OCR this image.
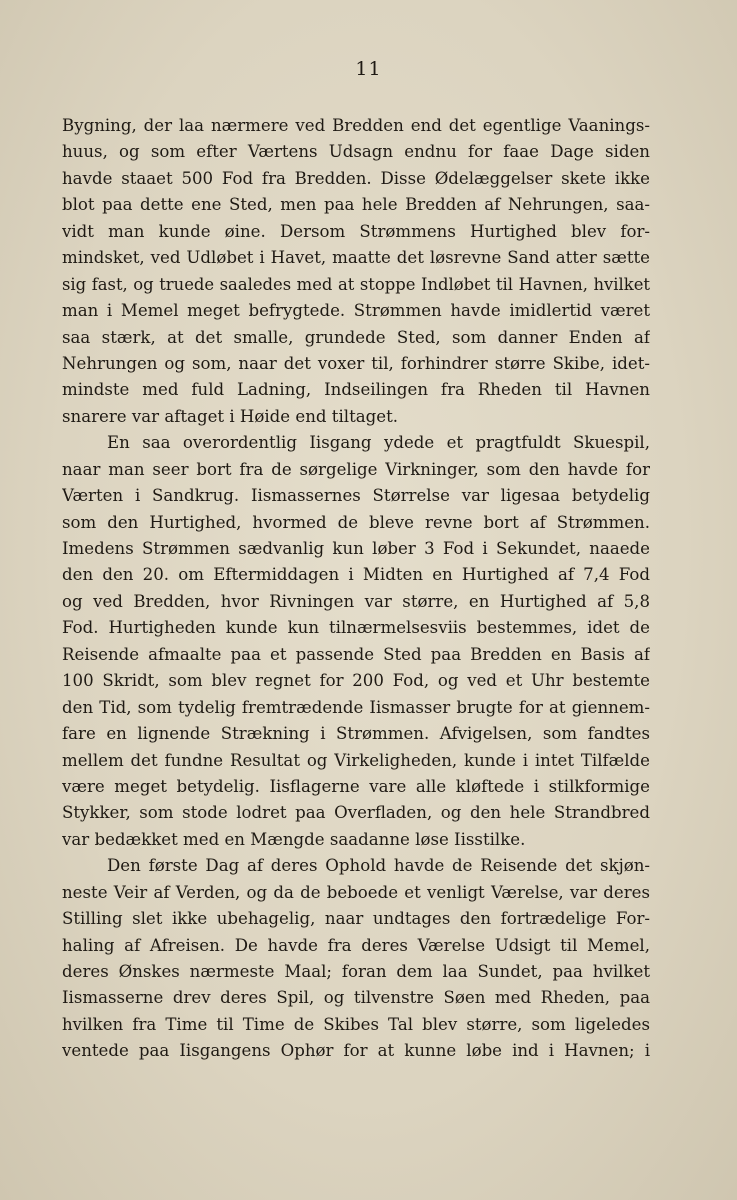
11
Bygning, der laa nærmere ved Bredden end det egentlige Vaanings-
huus, og som efter Værtens Udsagn endnu for faae Dage siden
havde staaet 500 Fod fra Bredden. Disse Ødelæggelser skete ikke
blot paa dette ene Sted, men paa hele Bredden af Nehrungen, saa-
vidt man kunde øine. Dersom Strømmens Hurtighed blev for-
mindsket, ved Udløbet i Havet, maatte det løsrevne Sand atter sætte
sig fast, og truede saaledes med at stoppe Indløbet til Havnen, hvilket
man i Memel meget befrygtede. Strømmen havde imidlertid været
saa stærk, at det smalle, grundede Sted, som danner Enden af
Nehrungen og som, naar det voxer til, forhindrer større Skibe, idet-
mindste med fuld Ladning, Indseilingen fra Rheden til Havnen
snarere var aftaget i Høide end tiltaget.
En saa overordentlig Iisgang ydede et pragtfuldt Skuespil,
naar man seer bort fra de sørgelige Virkninger, som den havde for
Værten i Sandkrug. Iismassernes Størrelse var ligesaa betydelig
som den Hurtighed, hvormed de bleve revne bort af Strømmen.
Imedens Strømmen sædvanlig kun løber 3 Fod i Sekundet, naaede
den den 20. om Eftermiddagen i Midten en Hurtighed af 7,4 Fod
og ved Bredden, hvor Rivningen var større, en Hurtighed af 5,8
Fod. Hurtigheden kunde kun tilnærmelsesviis bestemmes, idet de
Reisende afmaalte paa et passende Sted paa Bredden en Basis af
100 Skridt, som blev regnet for 200 Fod, og ved et Uhr bestemte
den Tid, som tydelig fremtrædende Iismasser brugte for at giennem-
fare en lignende Strækning i Strømmen. Afvigelsen, som fandtes
mellem det fundne Resultat og Virkeligheden, kunde i intet Tilfælde
være meget betydelig. Iisflagerne vare alle kløftede i stilkformige
Stykker, som stode lodret paa Overfladen, og den hele Strandbred
var bedækket med en Mængde saadanne løse Iisstilke.
Den første Dag af deres Ophold havde de Reisende det skjøn-
neste Veir af Verden, og da de beboede et venligt Værelse, var deres
Stilling slet ikke ubehagelig, naar undtages den fortrædelige For-
haling af Afreisen. De havde fra deres Værelse Udsigt til Memel,
deres Ønskes nærmeste Maal; foran dem laa Sundet, paa hvilket
Iismasserne drev deres Spil, og tilvenstre Søen med Rheden, paa
hvilken fra Time til Time de Skibes Tal blev større, som ligeledes
ventede paa Iisgangens Ophør for at kunne løbe ind i Havnen; i
